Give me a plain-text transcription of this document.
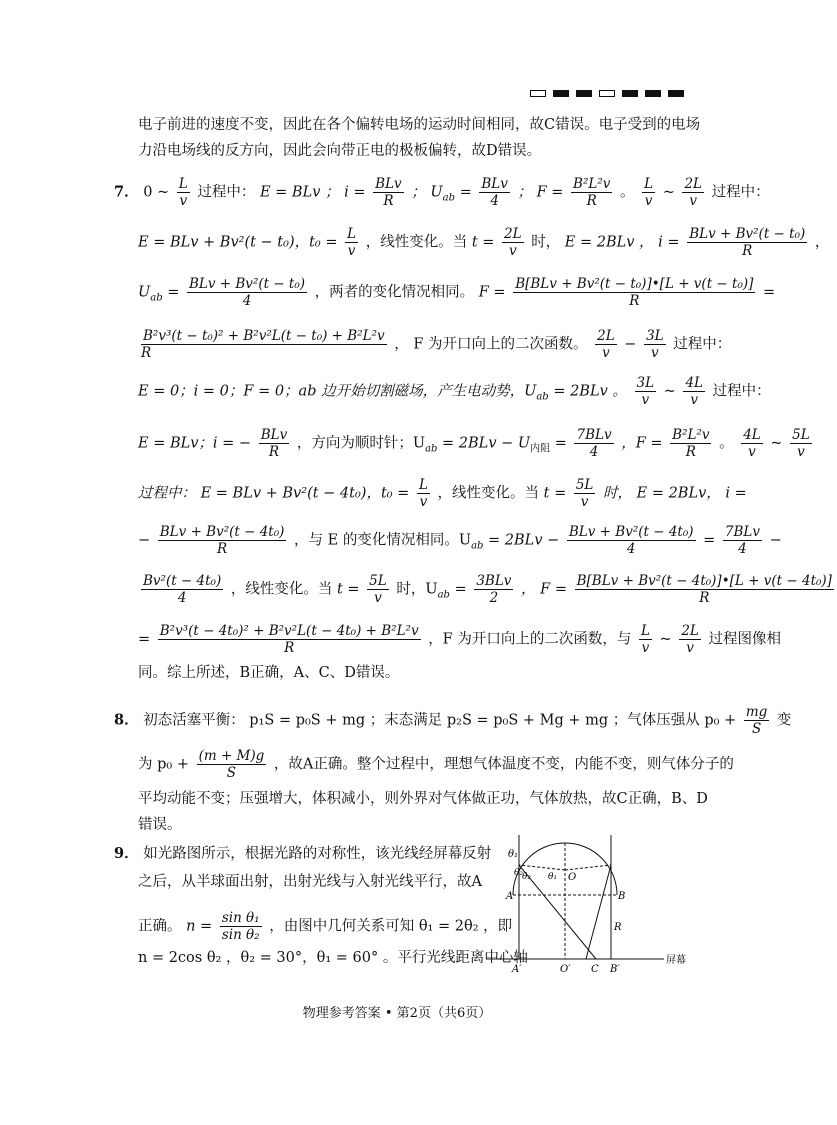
电子前进的速度不变，因此在各个偏转电场的运动时间相同，故C错误。电子受到的电场
力沿电场线的反方向，因此会向带正电的极板偏转，故D错误。
7． 0 ~ $\frac{L}{v}$ 过程中： E = BLv ； i =
BLv
R
； $U_{ab}$ =
BLv
4
； $F = \frac{\text{B²L²v}}{R}$ 。 $\frac{L}{v}$ ~ $\frac{2L}{v}$ 过程中：
E = BLv + Bv²(t − t₀)，$t_0 = \frac{L}{v}$ ，线性变化。当 $t = \frac{2L}{v}$ 时， E = 2BLv ， i =
BLv + Bv²(t − t₀)
R
，
$U_{ab}$ =
BLv + Bv²(t − t₀)
4
，两者的变化情况相同。 F =
B[BLv + Bv²(t − t₀)]•[L + v(t − t₀)]
R
=
$\frac{\text{B²v³(t − t₀)² + B²v²L(t − t₀) + B²L²v}}{R}$ ， F 为开口向上的二次函数。 $\frac{2L}{v} - \frac{3L}{v}$ 过程中：
E = 0；i = 0；F = 0；ab 边开始切割磁场，产生电动势，$U_{ab} = 2BLv$ 。 $\frac{3L}{v}$ ~ $\frac{4L}{v}$ 过程中：
E = BLv；i = −
BLv
R
，方向为顺时针；$U_{ab} = 2BLv - U_{内阻}$ =
7BLv
4
，$F = \frac{\text{B²L²v}}{R}$ 。 $\frac{4L}{v}$ ~ $\frac{5L}{v}$
过程中： E = BLv + Bv²(t − 4t₀)，$t_0 = \frac{L}{v}$ ，线性变化。当 $t = \frac{5L}{v}$ 时， E = 2BLv， i =
−
BLv + Bv²(t − 4t₀)
R
，与 E 的变化情况相同。$U_{ab} = 2BLv$ −
BLv + Bv²(t − 4t₀)
4
=
7BLv
4
−
$\frac{\text{Bv²(t − 4t₀)}}{4}$ ，线性变化。当 $t = \frac{5L}{v}$ 时，$U_{ab}$ =
3BLv
2
， F =
B[BLv + Bv²(t − 4t₀)]•[L + v(t − 4t₀)]
R
= $\frac{\text{B²v³(t − 4t₀)² + B²v²L(t − 4t₀) + B²L²v}}{R}$ ，F 为开口向上的二次函数，与 $\frac{L}{v}$ ~ $\frac{2L}{v}$ 过程图像相
同。综上所述，B正确，A、C、D错误。
8． 初态活塞平衡： p₁S = p₀S + mg ；末态满足 p₂S = p₀S + Mg + mg ；气体压强从 $p_0 + \frac{mg}{S}$ 变
为 $p_0 + \frac{(m + M)g}{S}$ ，故A正确。整个过程中，理想气体温度不变，内能不变，则气体分子的
平均动能不变；压强增大，体积减小，则外界对气体做正功，气体放热，故C正确，B、D
错误。
9． 如光路图所示，根据光路的对称性，该光线经屏幕反射
之后，从半球面出射，出射光线与入射光线平行，故A
正确。 $n = \frac{\text{sin θ₁}}{\text{sin θ₂}}$ ，由图中几何关系可知 θ₁ = 2θ₂ ，即
n = 2cos θ₂ ，θ₂ = 30°，θ₁ = 60° 。平行光线距离中心轴
θ₁
θ₂ θ₁
θ₂	O
A	B
R
A′	O′ C B′
屏幕
物理参考答案 • 第2页（共6页）
